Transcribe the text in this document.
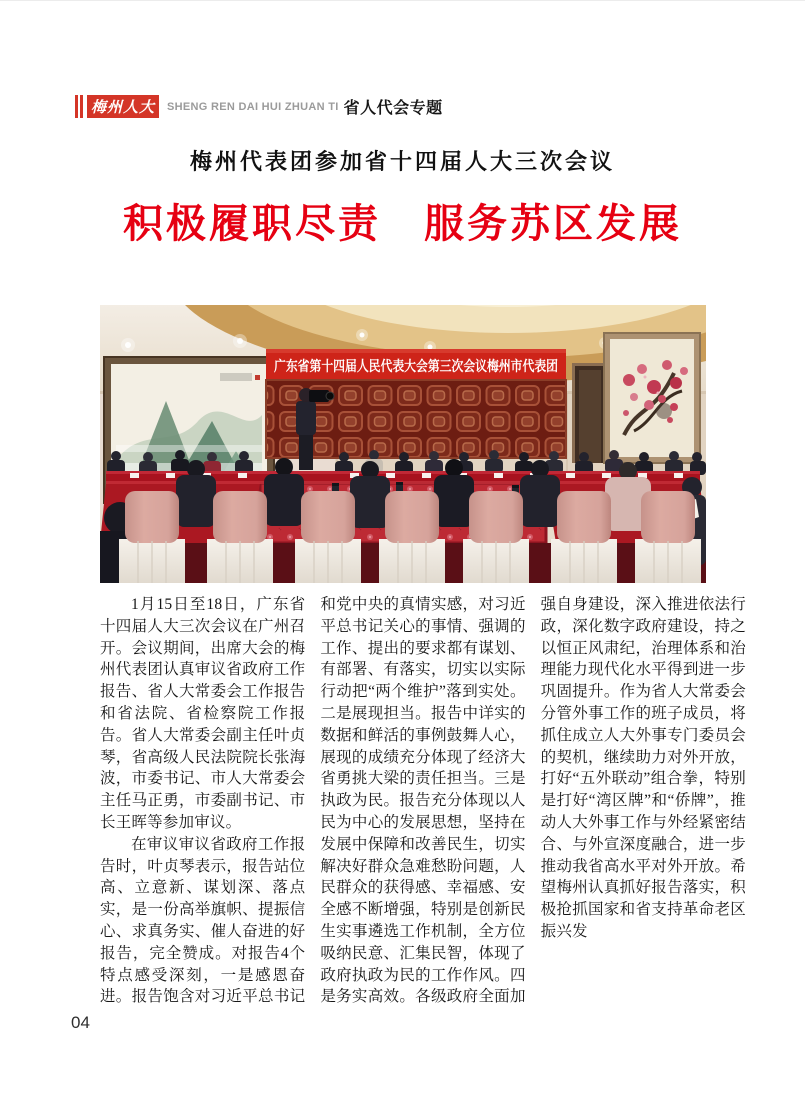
梅州人大	SHENG REN DAI HUI ZHUAN TI 省人代会专题
梅州代表团参加省十四届人大三次会议
积极履职尽责　服务苏区发展
广东省第十四届人民代表大会第三次会议梅州市代表团

1月15日至18日，广东省十四届人大三次会议在广州召开。会议期间，出席大会的梅州代表团认真审议省政府工作报告、省人大常委会工作报告和省法院、省检察院工作报告。省人大常委会副主任叶贞琴，省高级人民法院院长张海波，市委书记、市人大常委会主任马正勇，市委副书记、市长王晖等参加审议。

在审议审议省政府工作报告时，叶贞琴表示，报告站位高、立意新、谋划深、落点实，是一份高举旗帜、提振信心、求真务实、催人奋进的好报告，完全赞成。对报告4个特点感受深刻，一是感恩奋进。报告饱含对习近平总书记和党中央的真情实感，对习近平总书记关心的事情、强调的工作、提出的要求都有谋划、有部署、有落实，切实以实际行动把“两个维护”落到实处。二是展现担当。报告中详实的数据和鲜活的事例鼓舞人心，展现的成绩充分体现了经济大省勇挑大梁的责任担当。三是执政为民。报告充分体现以人民为中心的发展思想，坚持在发展中保障和改善民生，切实解决好群众急难愁盼问题，人民群众的获得感、幸福感、安全感不断增强，特别是创新民生实事遴选工作机制，全方位吸纳民意、汇集民智，体现了政府执政为民的工作作风。四是务实高效。各级政府全面加强自身建设，深入推进依法行政，深化数字政府建设，持之以恒正风肃纪，治理体系和治理能力现代化水平得到进一步巩固提升。作为省人大常委会分管外事工作的班子成员，将抓住成立人大外事专门委员会的契机，继续助力对外开放，打好“五外联动”组合拳，特别是打好“湾区牌”和“侨牌”，推动人大外事工作与外经紧密结合、与外宣深度融合，进一步推动我省高水平对外开放。希望梅州认真抓好报告落实，积极抢抓国家和省支持革命老区振兴发

04
